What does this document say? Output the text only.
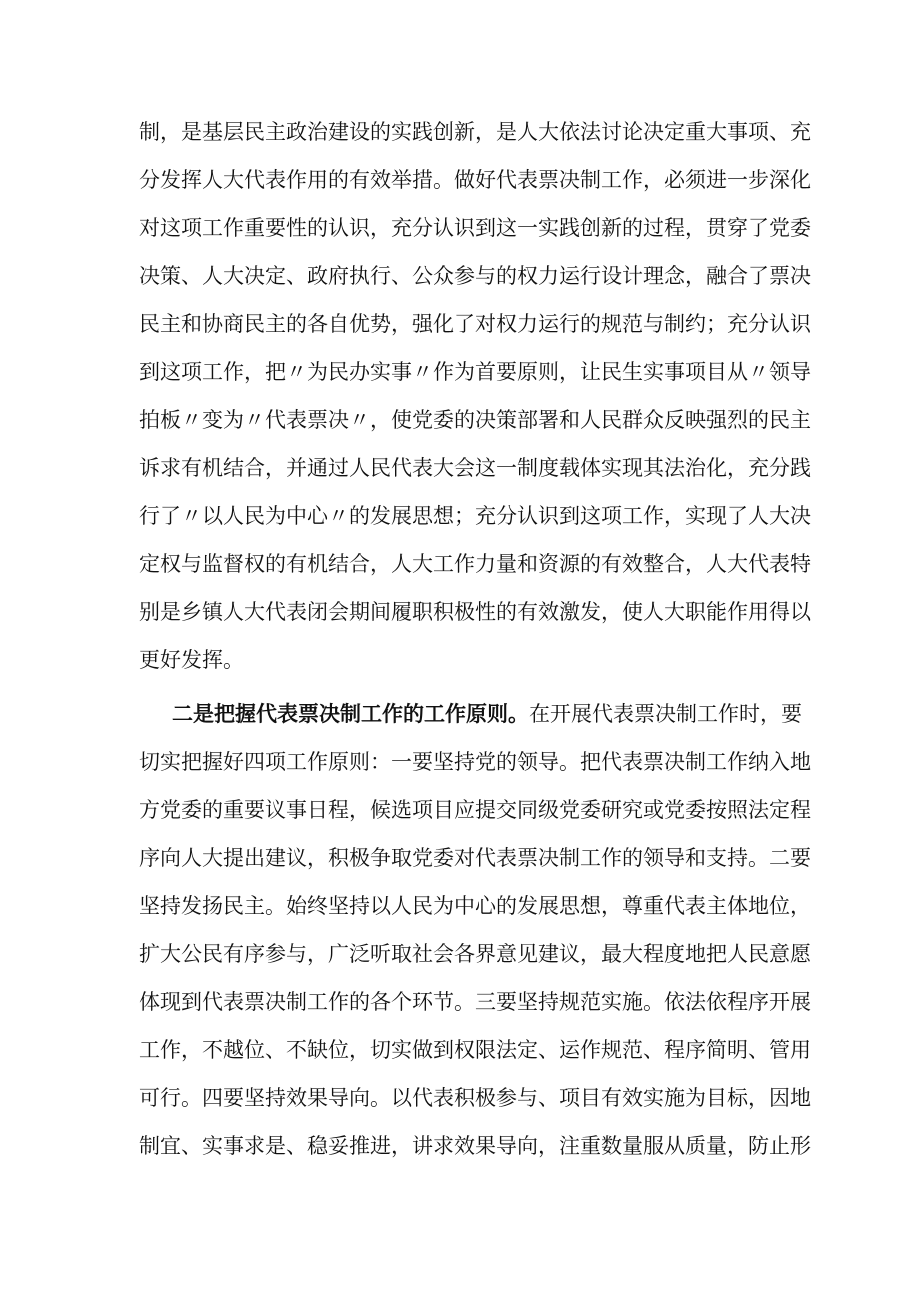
制，是基层民主政治建设的实践创新，是人大依法讨论决定重大事项、充
分发挥人大代表作用的有效举措。做好代表票决制工作，必须进一步深化
对这项工作重要性的认识，充分认识到这一实践创新的过程，贯穿了党委
决策、人大决定、政府执行、公众参与的权力运行设计理念，融合了票决
民主和协商民主的各自优势，强化了对权力运行的规范与制约；充分认识
到这项工作，把〃为民办实事〃作为首要原则，让民生实事项目从〃领导
拍板〃变为〃代表票决〃，使党委的决策部署和人民群众反映强烈的民主
诉求有机结合，并通过人民代表大会这一制度载体实现其法治化，充分践
行了〃以人民为中心〃的发展思想；充分认识到这项工作，实现了人大决
定权与监督权的有机结合，人大工作力量和资源的有效整合，人大代表特
别是乡镇人大代表闭会期间履职积极性的有效激发，使人大职能作用得以
更好发挥。
二是把握代表票决制工作的工作原则。在开展代表票决制工作时，要
切实把握好四项工作原则：一要坚持党的领导。把代表票决制工作纳入地
方党委的重要议事日程，候选项目应提交同级党委研究或党委按照法定程
序向人大提出建议，积极争取党委对代表票决制工作的领导和支持。二要
坚持发扬民主。始终坚持以人民为中心的发展思想，尊重代表主体地位，
扩大公民有序参与，广泛听取社会各界意见建议，最大程度地把人民意愿
体现到代表票决制工作的各个环节。三要坚持规范实施。依法依程序开展
工作，不越位、不缺位，切实做到权限法定、运作规范、程序简明、管用
可行。四要坚持效果导向。以代表积极参与、项目有效实施为目标，因地
制宜、实事求是、稳妥推进，讲求效果导向，注重数量服从质量，防止形
